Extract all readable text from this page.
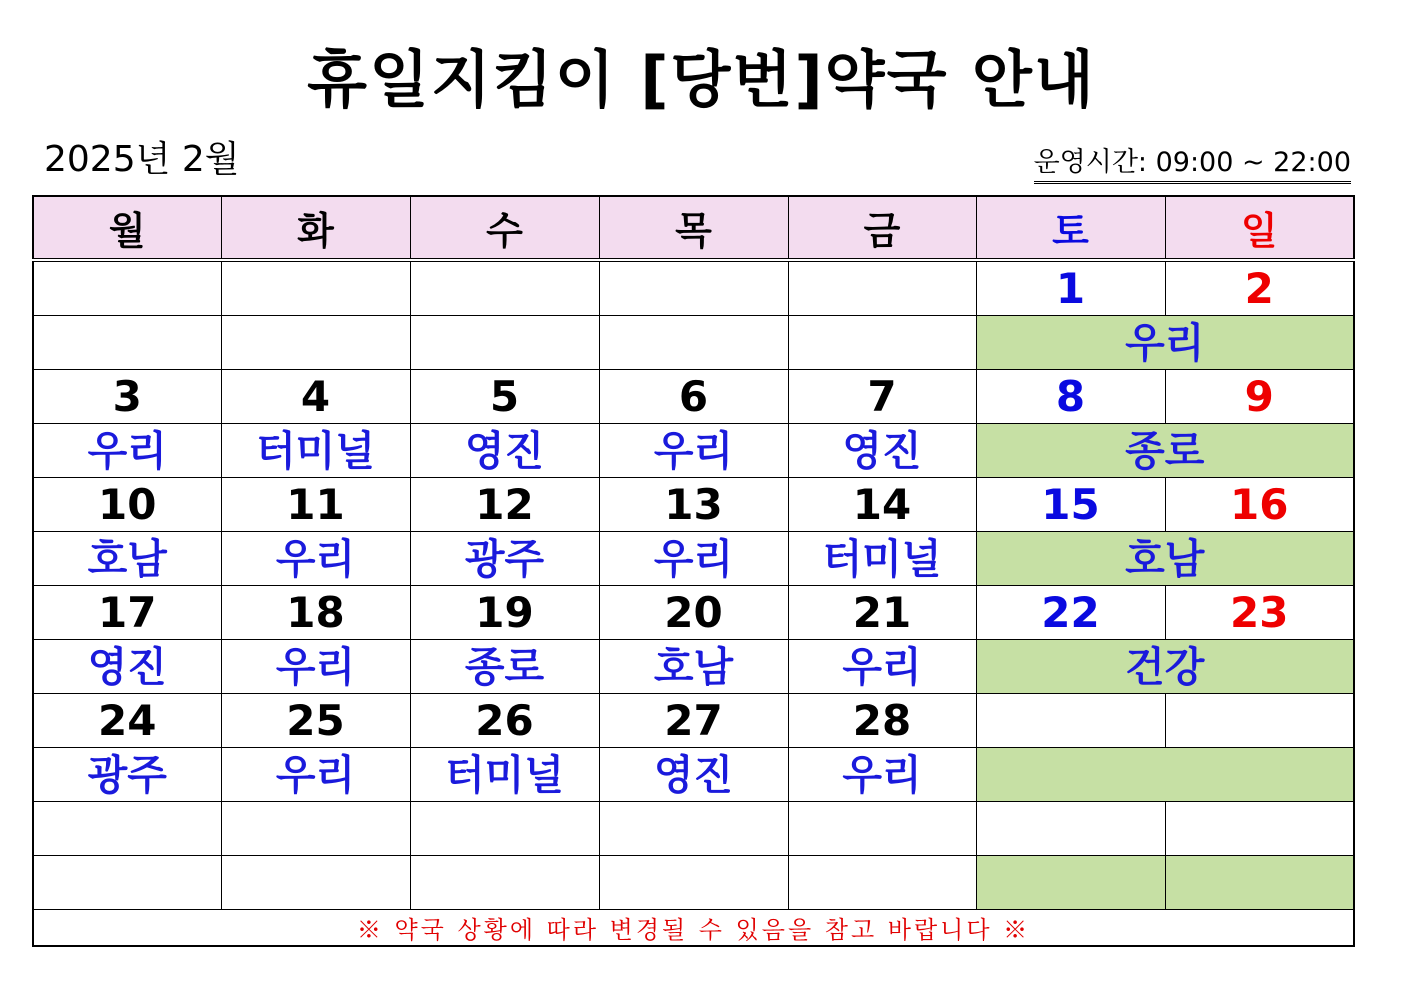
휴일지킴이 [당번]약국 안내
2025년 2월	운영시간: 09:00 ~ 22:00
월	화	수	목	금	토	일
					1	2
					우리	
3	4	5	6	7	8	9
우리	터미널	영진	우리	영진	종로	
10	11	12	13	14	15	16
호남	우리	광주	우리	터미널	호남	
17	18	19	20	21	22	23
영진	우리	종로	호남	우리	건강	
24	25	26	27	28		
광주	우리	터미널	영진	우리		

※ 약국 상황에 따라 변경될 수 있음을 참고 바랍니다 ※						
